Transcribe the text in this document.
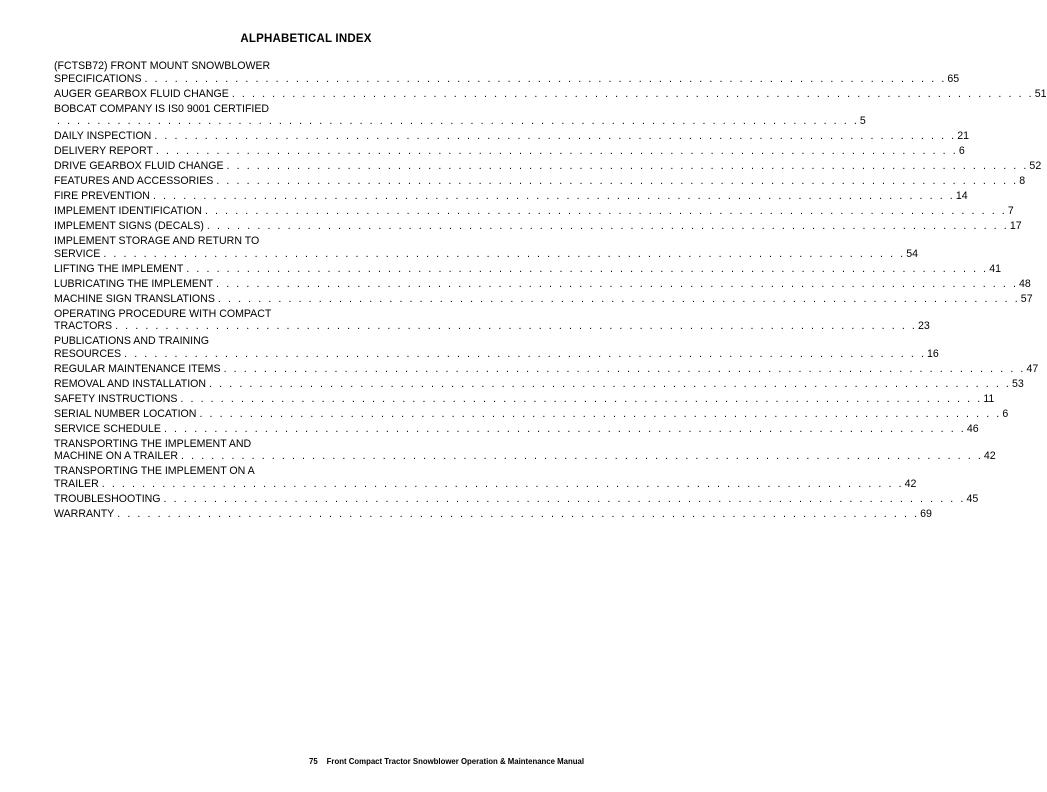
ALPHABETICAL INDEX
(FCTSB72) FRONT MOUNT SNOWBLOWER
SPECIFICATIONS . . . . . . . . . . . . . . . . . . . . . . . . . . . . . . . . . . . . . . . . . . . . . . . . . . . . . . . . . . . . . . . . . . . . . . . . . . . . . . . . 65
AUGER GEARBOX FLUID CHANGE . . . . . . . . . . . . . . . . . . . . . . . . . . . . . . . . . . . . . . . . . . . . . . . . . . . . . . . . . . . . . . . . . . . . . . . . . . . . . . . . 51
BOBCAT COMPANY IS IS0 9001 CERTIFIED
. . . . . . . . . . . . . . . . . . . . . . . . . . . . . . . . . . . . . . . . . . . . . . . . . . . . . . . . . . . . . . . . . . . . . . . . . . . . . . . . 5
DAILY INSPECTION . . . . . . . . . . . . . . . . . . . . . . . . . . . . . . . . . . . . . . . . . . . . . . . . . . . . . . . . . . . . . . . . . . . . . . . . . . . . . . . . 21
DELIVERY REPORT . . . . . . . . . . . . . . . . . . . . . . . . . . . . . . . . . . . . . . . . . . . . . . . . . . . . . . . . . . . . . . . . . . . . . . . . . . . . . . . . 6
DRIVE GEARBOX FLUID CHANGE . . . . . . . . . . . . . . . . . . . . . . . . . . . . . . . . . . . . . . . . . . . . . . . . . . . . . . . . . . . . . . . . . . . . . . . . . . . . . . . . 52
FEATURES AND ACCESSORIES . . . . . . . . . . . . . . . . . . . . . . . . . . . . . . . . . . . . . . . . . . . . . . . . . . . . . . . . . . . . . . . . . . . . . . . . . . . . . . . . 8
FIRE PREVENTION . . . . . . . . . . . . . . . . . . . . . . . . . . . . . . . . . . . . . . . . . . . . . . . . . . . . . . . . . . . . . . . . . . . . . . . . . . . . . . . . 14
IMPLEMENT IDENTIFICATION . . . . . . . . . . . . . . . . . . . . . . . . . . . . . . . . . . . . . . . . . . . . . . . . . . . . . . . . . . . . . . . . . . . . . . . . . . . . . . . . 7
IMPLEMENT SIGNS (DECALS) . . . . . . . . . . . . . . . . . . . . . . . . . . . . . . . . . . . . . . . . . . . . . . . . . . . . . . . . . . . . . . . . . . . . . . . . . . . . . . . . 17
IMPLEMENT STORAGE AND RETURN TO
SERVICE . . . . . . . . . . . . . . . . . . . . . . . . . . . . . . . . . . . . . . . . . . . . . . . . . . . . . . . . . . . . . . . . . . . . . . . . . . . . . . . . 54
LIFTING THE IMPLEMENT . . . . . . . . . . . . . . . . . . . . . . . . . . . . . . . . . . . . . . . . . . . . . . . . . . . . . . . . . . . . . . . . . . . . . . . . . . . . . . . . 41
LUBRICATING THE IMPLEMENT . . . . . . . . . . . . . . . . . . . . . . . . . . . . . . . . . . . . . . . . . . . . . . . . . . . . . . . . . . . . . . . . . . . . . . . . . . . . . . . . 48
MACHINE SIGN TRANSLATIONS . . . . . . . . . . . . . . . . . . . . . . . . . . . . . . . . . . . . . . . . . . . . . . . . . . . . . . . . . . . . . . . . . . . . . . . . . . . . . . . . 57
OPERATING PROCEDURE WITH COMPACT
TRACTORS . . . . . . . . . . . . . . . . . . . . . . . . . . . . . . . . . . . . . . . . . . . . . . . . . . . . . . . . . . . . . . . . . . . . . . . . . . . . . . . . 23
PUBLICATIONS AND TRAINING
RESOURCES . . . . . . . . . . . . . . . . . . . . . . . . . . . . . . . . . . . . . . . . . . . . . . . . . . . . . . . . . . . . . . . . . . . . . . . . . . . . . . . . 16
REGULAR MAINTENANCE ITEMS . . . . . . . . . . . . . . . . . . . . . . . . . . . . . . . . . . . . . . . . . . . . . . . . . . . . . . . . . . . . . . . . . . . . . . . . . . . . . . . . 47
REMOVAL AND INSTALLATION . . . . . . . . . . . . . . . . . . . . . . . . . . . . . . . . . . . . . . . . . . . . . . . . . . . . . . . . . . . . . . . . . . . . . . . . . . . . . . . . 53
SAFETY INSTRUCTIONS . . . . . . . . . . . . . . . . . . . . . . . . . . . . . . . . . . . . . . . . . . . . . . . . . . . . . . . . . . . . . . . . . . . . . . . . . . . . . . . . 11
SERIAL NUMBER LOCATION . . . . . . . . . . . . . . . . . . . . . . . . . . . . . . . . . . . . . . . . . . . . . . . . . . . . . . . . . . . . . . . . . . . . . . . . . . . . . . . . 6
SERVICE SCHEDULE . . . . . . . . . . . . . . . . . . . . . . . . . . . . . . . . . . . . . . . . . . . . . . . . . . . . . . . . . . . . . . . . . . . . . . . . . . . . . . . . 46
TRANSPORTING THE IMPLEMENT AND
MACHINE ON A TRAILER . . . . . . . . . . . . . . . . . . . . . . . . . . . . . . . . . . . . . . . . . . . . . . . . . . . . . . . . . . . . . . . . . . . . . . . . . . . . . . . . 42
TRANSPORTING THE IMPLEMENT ON A
TRAILER . . . . . . . . . . . . . . . . . . . . . . . . . . . . . . . . . . . . . . . . . . . . . . . . . . . . . . . . . . . . . . . . . . . . . . . . . . . . . . . . 42
TROUBLESHOOTING . . . . . . . . . . . . . . . . . . . . . . . . . . . . . . . . . . . . . . . . . . . . . . . . . . . . . . . . . . . . . . . . . . . . . . . . . . . . . . . . 45
WARRANTY . . . . . . . . . . . . . . . . . . . . . . . . . . . . . . . . . . . . . . . . . . . . . . . . . . . . . . . . . . . . . . . . . . . . . . . . . . . . . . . . 69
75 Front Compact Tractor Snowblower Operation & Maintenance Manual
